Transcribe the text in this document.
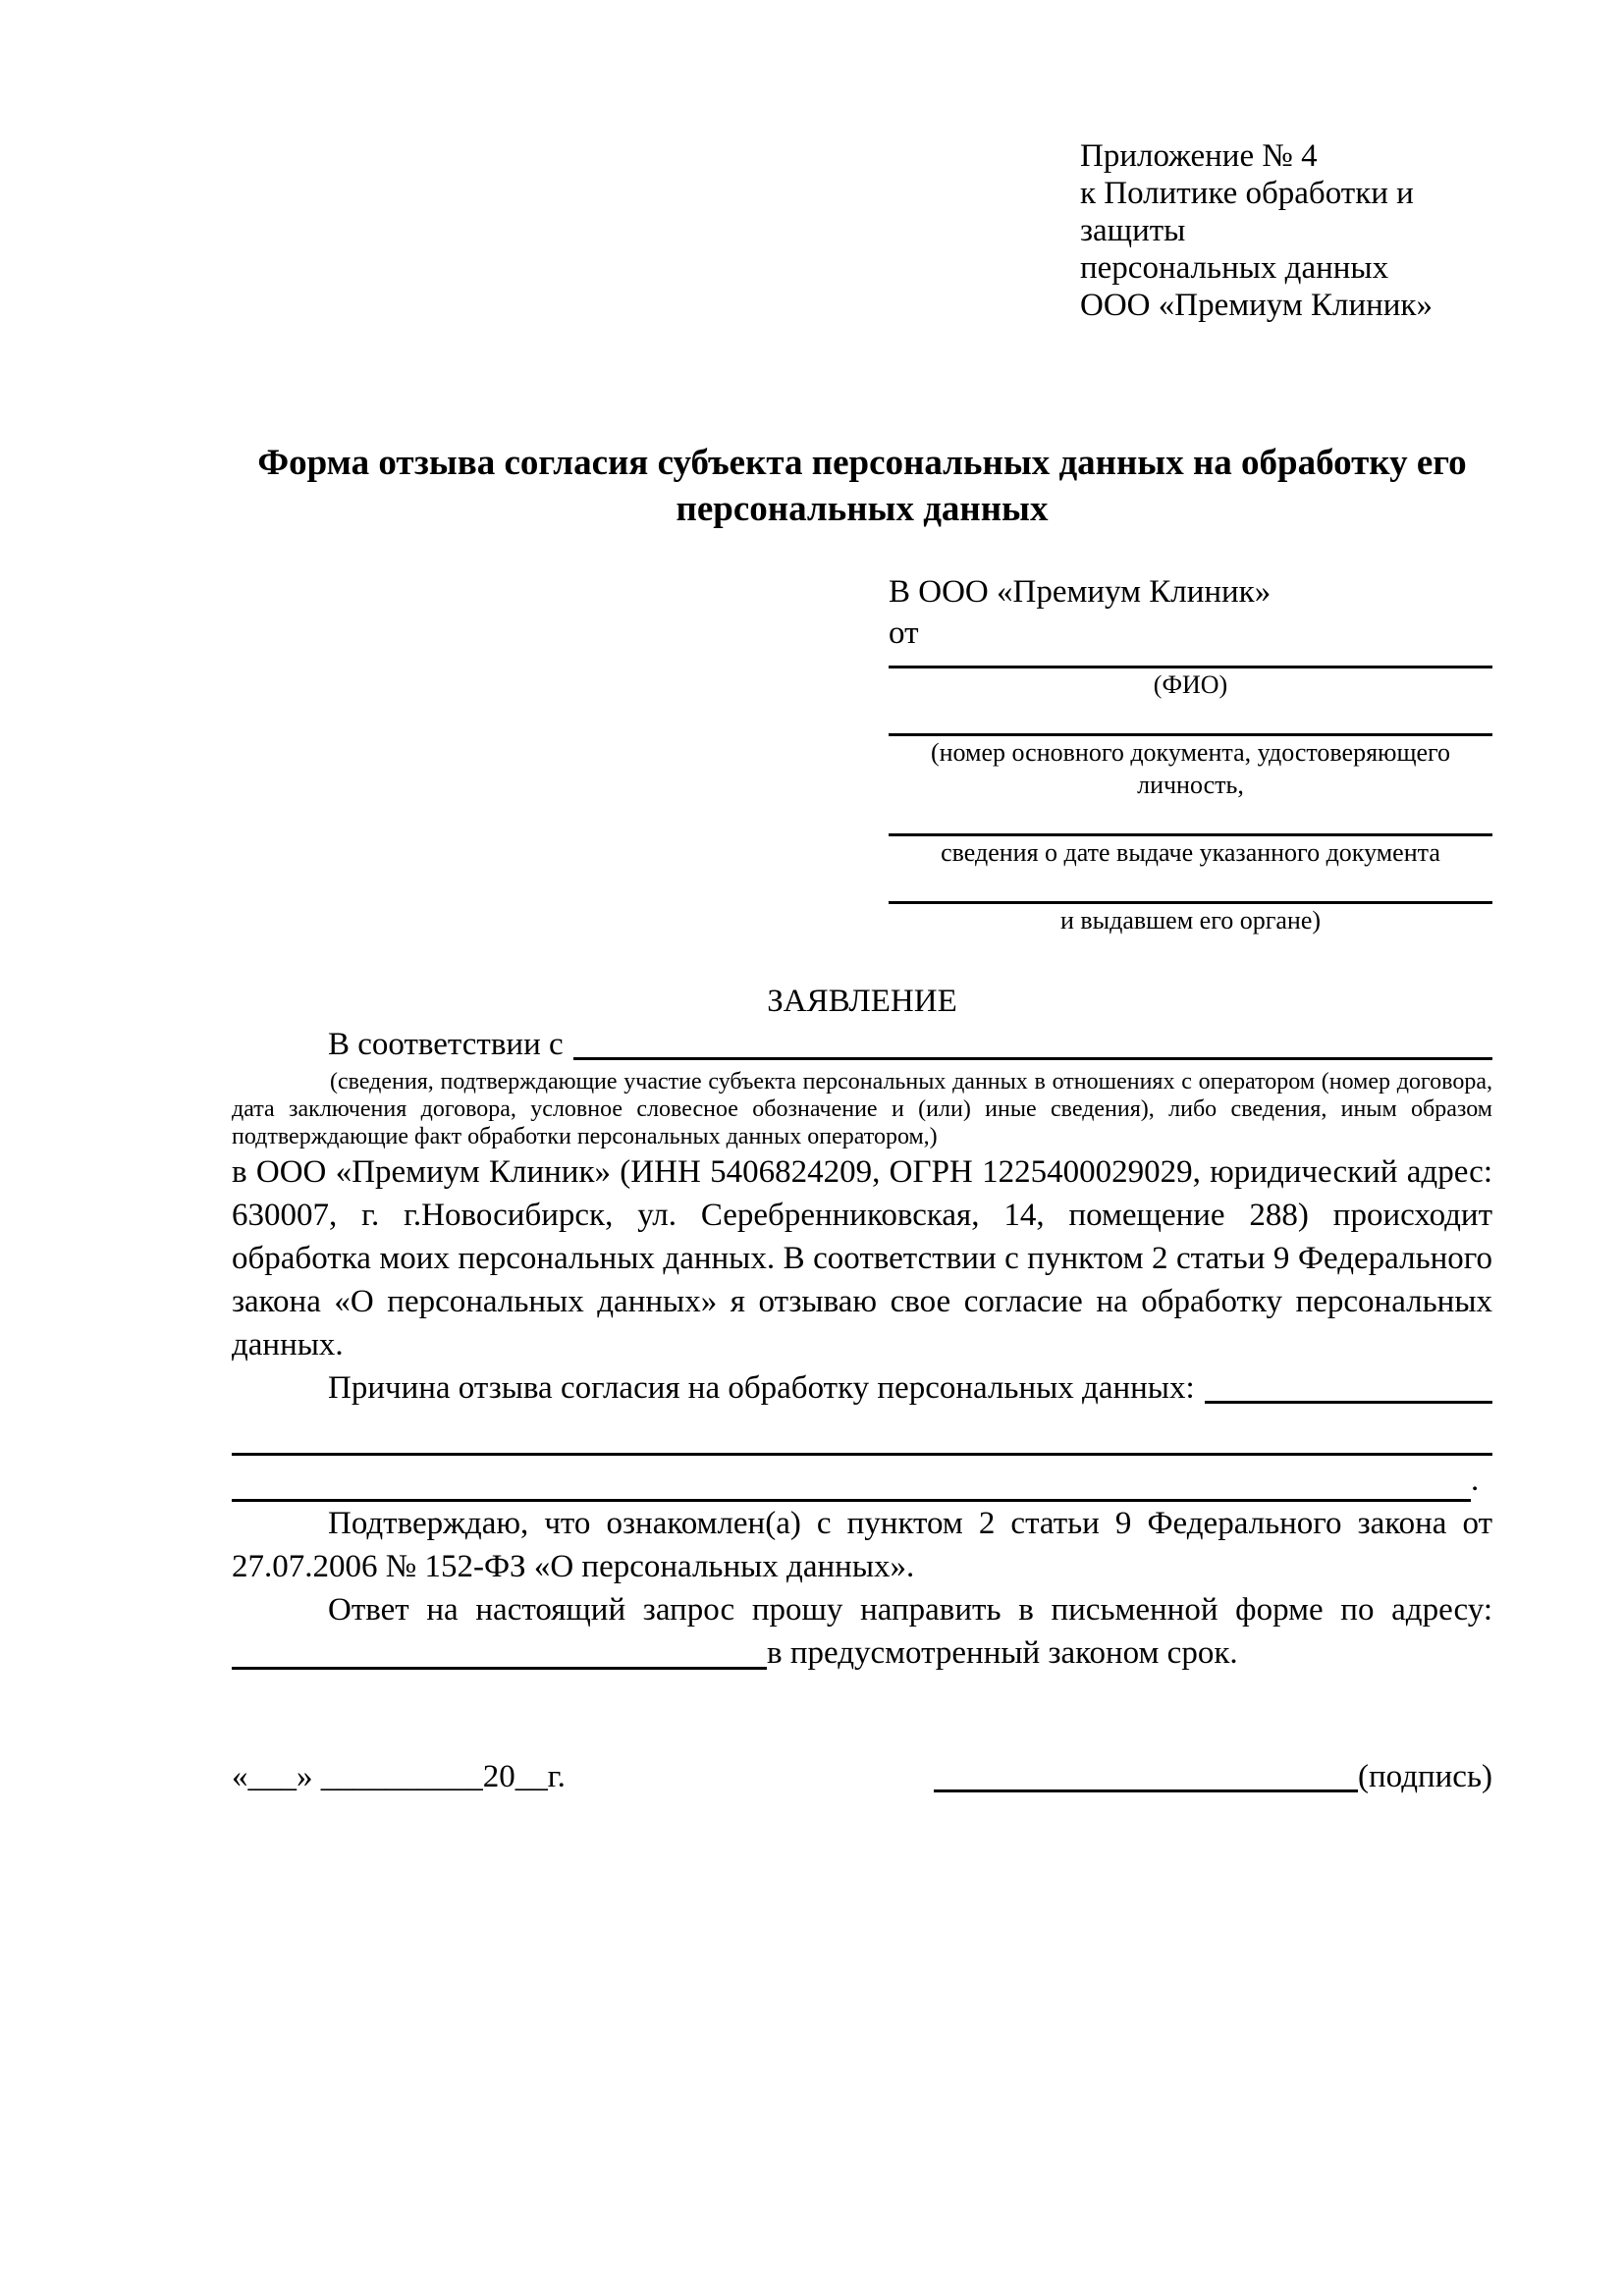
Приложение № 4
к Политике обработки и защиты
персональных данных
ООО «Премиум Клиник»
Форма отзыва согласия субъекта персональных данных на обработку его персональных данных
В ООО «Премиум Клиник»
от
(ФИО)
(номер основного документа, удостоверяющего личность,
сведения о дате выдаче указанного документа
и выдавшем его органе)
ЗАЯВЛЕНИЕ
В соответствии с

(сведения, подтверждающие участие субъекта персональных данных в отношениях с оператором (номер договора, дата заключения договора, условное словесное обозначение и (или) иные сведения), либо сведения, иным образом подтверждающие факт обработки персональных данных оператором,)

в ООО «Премиум Клиник» (ИНН 5406824209, ОГРН 1225400029029, юридический адрес: 630007, г. г.Новосибирск, ул. Серебренниковская, 14, помещение 288) происходит обработка моих персональных данных. В соответствии с пунктом 2 статьи 9 Федерального закона «О персональных данных» я отзываю свое согласие на обработку персональных данных.

Причина отзыва согласия на обработку персональных данных:
.

Подтверждаю, что ознакомлен(а) с пунктом 2 статьи 9 Федерального закона от 27.07.2006 № 152-ФЗ «О персональных данных».

Ответ на настоящий запрос прошу направить в письменной форме по адресу:

в предусмотренный законом срок.
«___» __________20__г.	(подпись)
